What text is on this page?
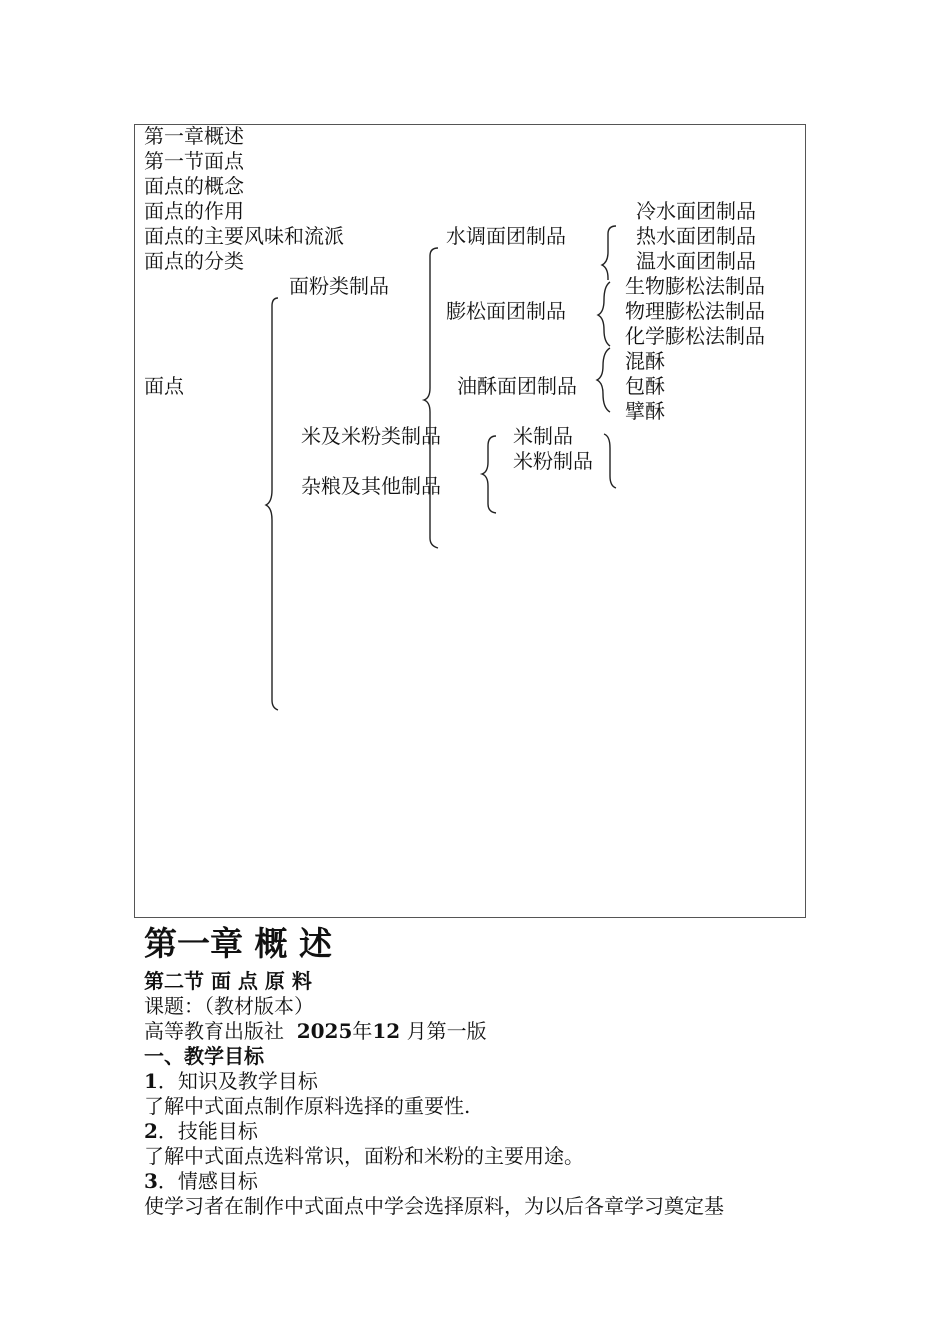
第一章概述
第一节面点
面点的概念
面点的作用
面点的主要风味和流派
面点的分类
面点
面粉类制品
米及米粉类制品
杂粮及其他制品
水调面团制品
膨松面团制品
油酥面团制品
米制品
米粉制品
冷水面团制品
热水面团制品
温水面团制品
生物膨松法制品
物理膨松法制品
化学膨松法制品
混酥
包酥
擘酥
第一章 概 述
第二节 面 点 原 料
课题：（教材版本）
高等教育出版社 2025年12 月第一版
一、教学目标
1．知识及教学目标
了解中式面点制作原料选择的重要性.
2．技能目标
了解中式面点选料常识，面粉和米粉的主要用途。
3．情感目标
使学习者在制作中式面点中学会选择原料，为以后各章学习奠定基
